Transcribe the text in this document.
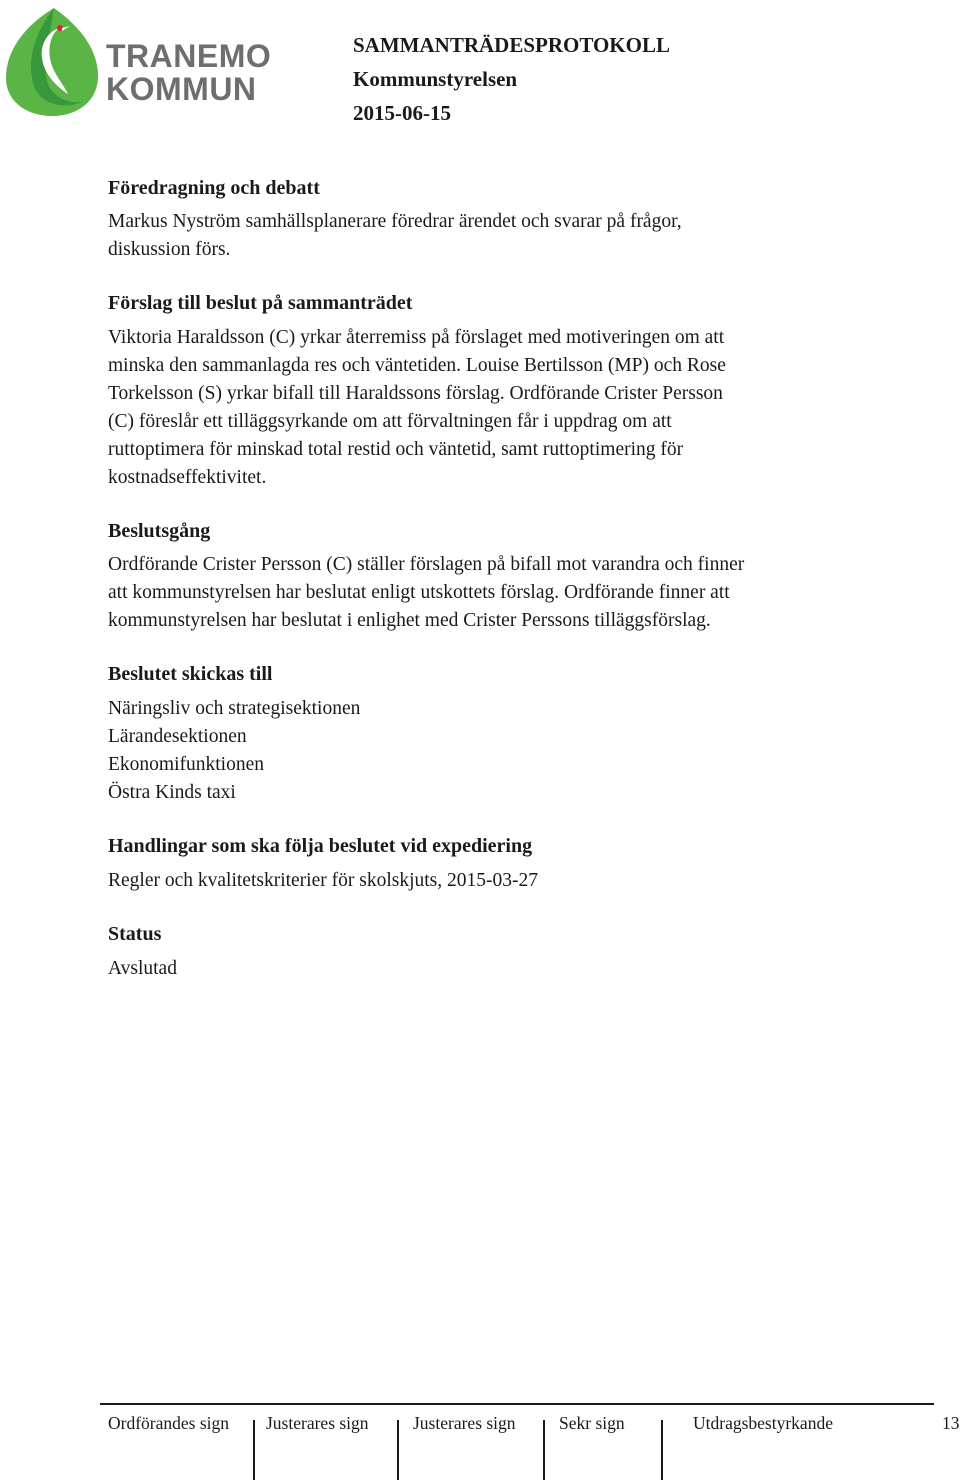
TRANEMO
KOMMUN
SAMMANTRÄDESPROTOKOLL
Kommunstyrelsen
2015-06-15
Föredragning och debatt
Markus Nyström samhällsplanerare föredrar ärendet och svarar på frågor,
diskussion förs.
Förslag till beslut på sammanträdet
Viktoria Haraldsson (C) yrkar återremiss på förslaget med motiveringen om att
minska den sammanlagda res och väntetiden. Louise Bertilsson (MP) och Rose
Torkelsson (S) yrkar bifall till Haraldssons förslag. Ordförande Crister Persson
(C) föreslår ett tilläggsyrkande om att förvaltningen får i uppdrag om att
ruttoptimera för minskad total restid och väntetid, samt ruttoptimering för
kostnadseffektivitet.
Beslutsgång
Ordförande Crister Persson (C) ställer förslagen på bifall mot varandra och finner
att kommunstyrelsen har beslutat enligt utskottets förslag. Ordförande finner att
kommunstyrelsen har beslutat i enlighet med Crister Perssons tilläggsförslag.
Beslutet skickas till
Näringsliv och strategisektionen
Lärandesektionen
Ekonomifunktionen
Östra Kinds taxi
Handlingar som ska följa beslutet vid expediering
Regler och kvalitetskriterier för skolskjuts, 2015-03-27
Status
Avslutad
Ordförandes sign Justerares sign	Justerares sign Sekr sign	Utdragsbestyrkande	13
